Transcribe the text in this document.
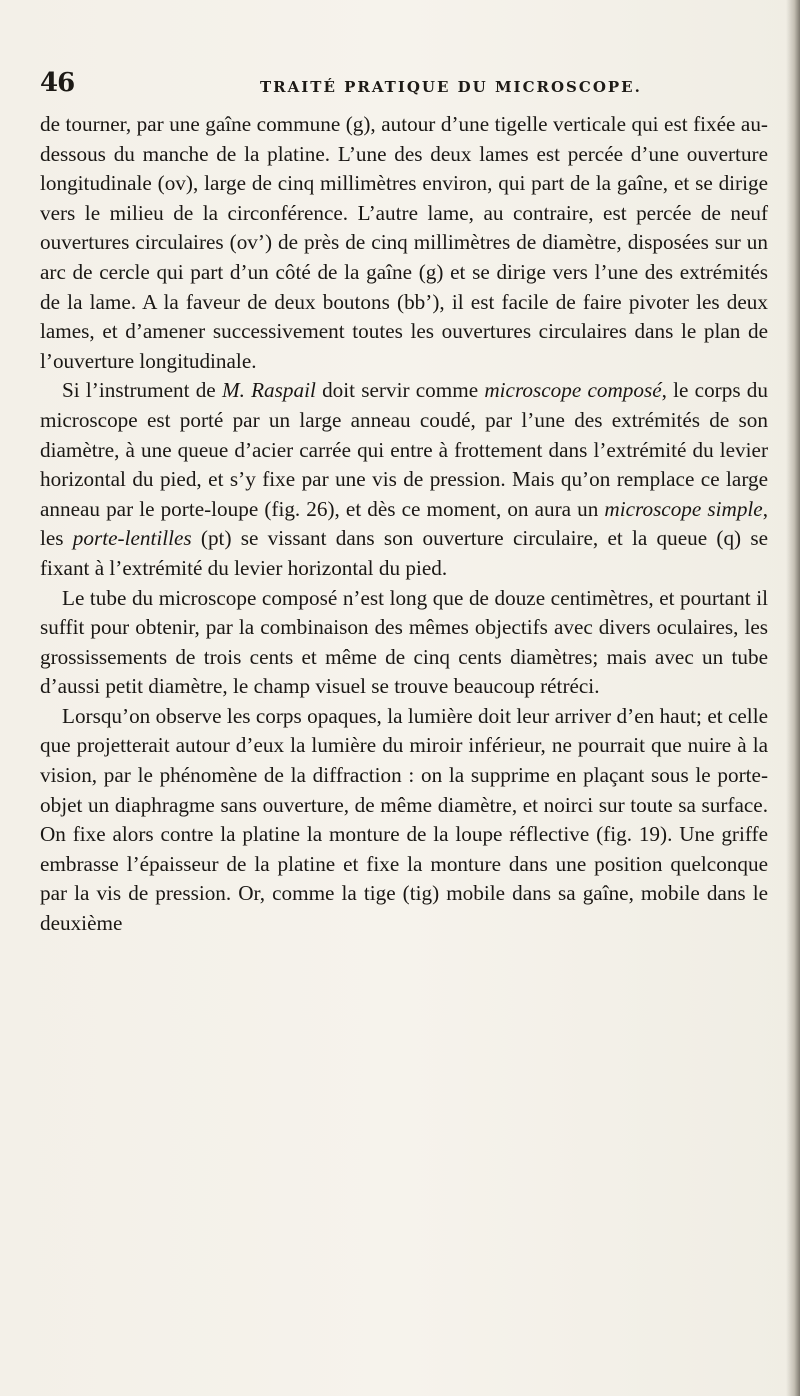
46	TRAITÉ PRATIQUE DU MICROSCOPE.

de tourner, par une gaîne commune (g), autour d’une tigelle verticale qui est fixée au-dessous du manche de la platine. L’une des deux lames est percée d’une ouverture longitudinale (ov), large de cinq millimètres environ, qui part de la gaîne, et se dirige vers le milieu de la circonférence. L’autre lame, au contraire, est percée de neuf ouvertures circulaires (ov’) de près de cinq millimètres de diamètre, disposées sur un arc de cercle qui part d’un côté de la gaîne (g) et se dirige vers l’une des extrémités de la lame. A la faveur de deux boutons (bb’), il est facile de faire pivoter les deux lames, et d’amener successivement toutes les ouvertures circulaires dans le plan de l’ouverture longitudinale.

Si l’instrument de M. Raspail doit servir comme microscope composé, le corps du microscope est porté par un large anneau coudé, par l’une des extrémités de son diamètre, à une queue d’acier carrée qui entre à frottement dans l’extrémité du levier horizontal du pied, et s’y fixe par une vis de pression. Mais qu’on remplace ce large anneau par le porte-loupe (fig. 26), et dès ce moment, on aura un microscope simple, les porte-lentilles (pt) se vissant dans son ouverture circulaire, et la queue (q) se fixant à l’extrémité du levier horizontal du pied.

Le tube du microscope composé n’est long que de douze centimètres, et pourtant il suffit pour obtenir, par la combinaison des mêmes objectifs avec divers oculaires, les grossissements de trois cents et même de cinq cents diamètres; mais avec un tube d’aussi petit diamètre, le champ visuel se trouve beaucoup rétréci.

Lorsqu’on observe les corps opaques, la lumière doit leur arriver d’en haut; et celle que projetterait autour d’eux la lumière du miroir inférieur, ne pourrait que nuire à la vision, par le phénomène de la diffraction : on la supprime en plaçant sous le porte-objet un diaphragme sans ouverture, de même diamètre, et noirci sur toute sa surface. On fixe alors contre la platine la monture de la loupe réflective (fig. 19). Une griffe embrasse l’épaisseur de la platine et fixe la monture dans une position quelconque par la vis de pression. Or, comme la tige (tig) mobile dans sa gaîne, mobile dans le deuxième
